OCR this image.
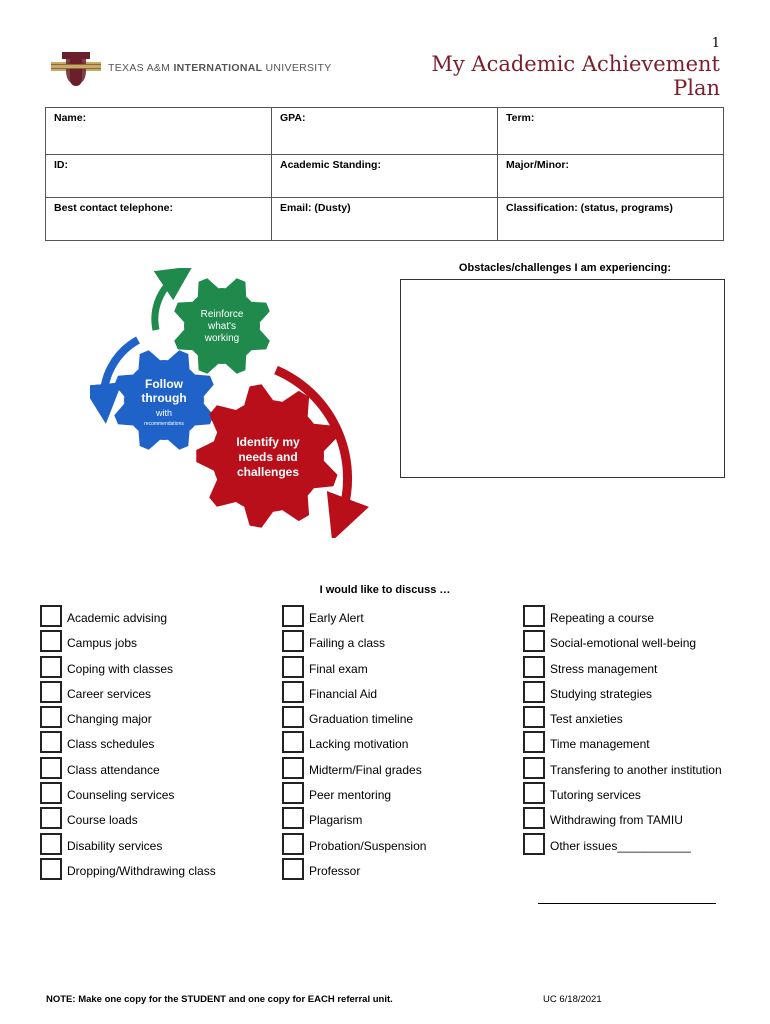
1
My Academic Achievement Plan
TEXAS A&M INTERNATIONAL UNIVERSITY
Name:	GPA:	Term:
ID:	Academic Standing:	Major/Minor:
Best contact telephone:	Email: (Dusty)	Classification: (status, programs)
Obstacles/challenges I am experiencing:
Reinforce
what's
working
Follow
through
with
recommendations
Identify my
needs and
challenges
I would like to discuss …
Academic advising
Campus jobs
Coping with classes
Career services
Changing major
Class schedules
Class attendance
Counseling services
Course loads
Disability services
Dropping/Withdrawing class
Early Alert
Failing a class
Final exam
Financial Aid
Graduation timeline
Lacking motivation
Midterm/Final grades
Peer mentoring
Plagarism
Probation/Suspension
Professor
Repeating a course
Social-emotional well-being
Stress management
Studying strategies
Test anxieties
Time management
Transfering to another institution
Tutoring services
Withdrawing from TAMIU
Other issues___________
NOTE: Make one copy for the STUDENT and one copy for EACH referral unit.	UC 6/18/2021
